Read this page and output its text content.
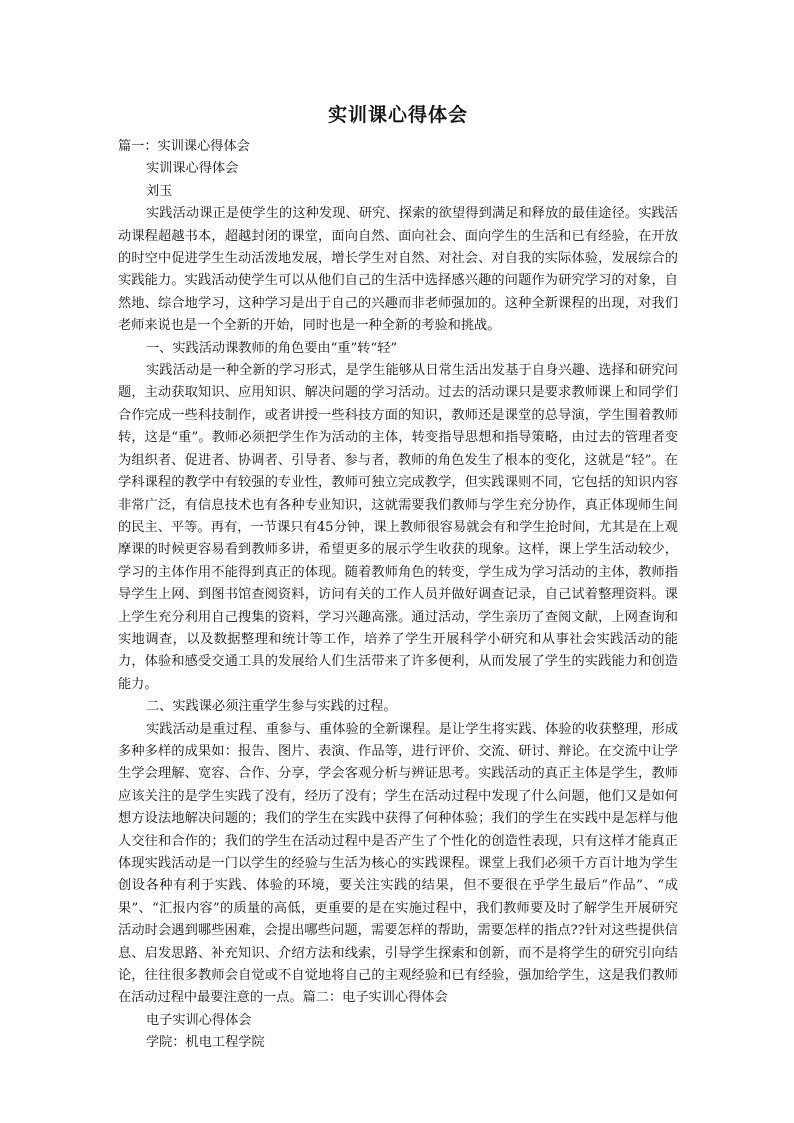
实训课心得体会

篇一：实训课心得体会

实训课心得体会

刘玉

实践活动课正是使学生的这种发现、研究、探索的欲望得到满足和释放的最佳途径。实践活动课程超越书本，超越封闭的课堂，面向自然、面向社会、面向学生的生活和已有经验，在开放的时空中促进学生生动活泼地发展，增长学生对自然、对社会、对自我的实际体验，发展综合的实践能力。实践活动使学生可以从他们自己的生活中选择感兴趣的问题作为研究学习的对象，自然地、综合地学习，这种学习是出于自己的兴趣而非老师强加的。这种全新课程的出现，对我们老师来说也是一个全新的开始，同时也是一种全新的考验和挑战。

一、实践活动课教师的角色要由“重”转“轻”

实践活动是一种全新的学习形式，是学生能够从日常生活出发基于自身兴趣、选择和研究问题，主动获取知识、应用知识、解决问题的学习活动。过去的活动课只是要求教师课上和同学们合作完成一些科技制作，或者讲授一些科技方面的知识，教师还是课堂的总导演，学生围着教师转，这是“重”。教师必须把学生作为活动的主体，转变指导思想和指导策略，由过去的管理者变为组织者、促进者、协调者、引导者、参与者，教师的角色发生了根本的变化，这就是“轻”。在学科课程的教学中有较强的专业性，教师可独立完成教学，但实践课则不同，它包括的知识内容非常广泛，有信息技术也有各种专业知识，这就需要我们教师与学生充分协作，真正体现师生间的民主、平等。再有，一节课只有45分钟，课上教师很容易就会有和学生抢时间，尤其是在上观摩课的时候更容易看到教师多讲，希望更多的展示学生收获的现象。这样，课上学生活动较少，学习的主体作用不能得到真正的体现。随着教师角色的转变，学生成为学习活动的主体，教师指导学生上网、到图书馆查阅资料，访问有关的工作人员并做好调查记录，自己试着整理资料。课上学生充分利用自己搜集的资料，学习兴趣高涨。通过活动，学生亲历了查阅文献，上网查询和实地调查，以及数据整理和统计等工作，培养了学生开展科学小研究和从事社会实践活动的能力，体验和感受交通工具的发展给人们生活带来了许多便利，从而发展了学生的实践能力和创造能力。

二、实践课必须注重学生参与实践的过程。

实践活动是重过程、重参与、重体验的全新课程。是让学生将实践、体验的收获整理，形成多种多样的成果如：报告、图片、表演、作品等，进行评价、交流、研讨、辩论。在交流中让学生学会理解、宽容、合作、分享，学会客观分析与辨证思考。实践活动的真正主体是学生，教师应该关注的是学生实践了没有，经历了没有；学生在活动过程中发现了什么问题，他们又是如何想方设法地解决问题的；我们的学生在实践中获得了何种体验；我们的学生在实践中是怎样与他人交往和合作的；我们的学生在活动过程中是否产生了个性化的创造性表现，只有这样才能真正体现实践活动是一门以学生的经验与生活为核心的实践课程。课堂上我们必须千方百计地为学生创设各种有利于实践、体验的环境，要关注实践的结果，但不要很在乎学生最后“作品”、“成果”、“汇报内容”的质量的高低，更重要的是在实施过程中，我们教师要及时了解学生开展研究活动时会遇到哪些困难，会提出哪些问题，需要怎样的帮助，需要怎样的指点??针对这些提供信息、启发思路、补充知识、介绍方法和线索，引导学生探索和创新，而不是将学生的研究引向结论，往往很多教师会自觉或不自觉地将自己的主观经验和已有经验，强加给学生，这是我们教师在活动过程中最要注意的一点。篇二：电子实训心得体会

电子实训心得体会

学院：机电工程学院
